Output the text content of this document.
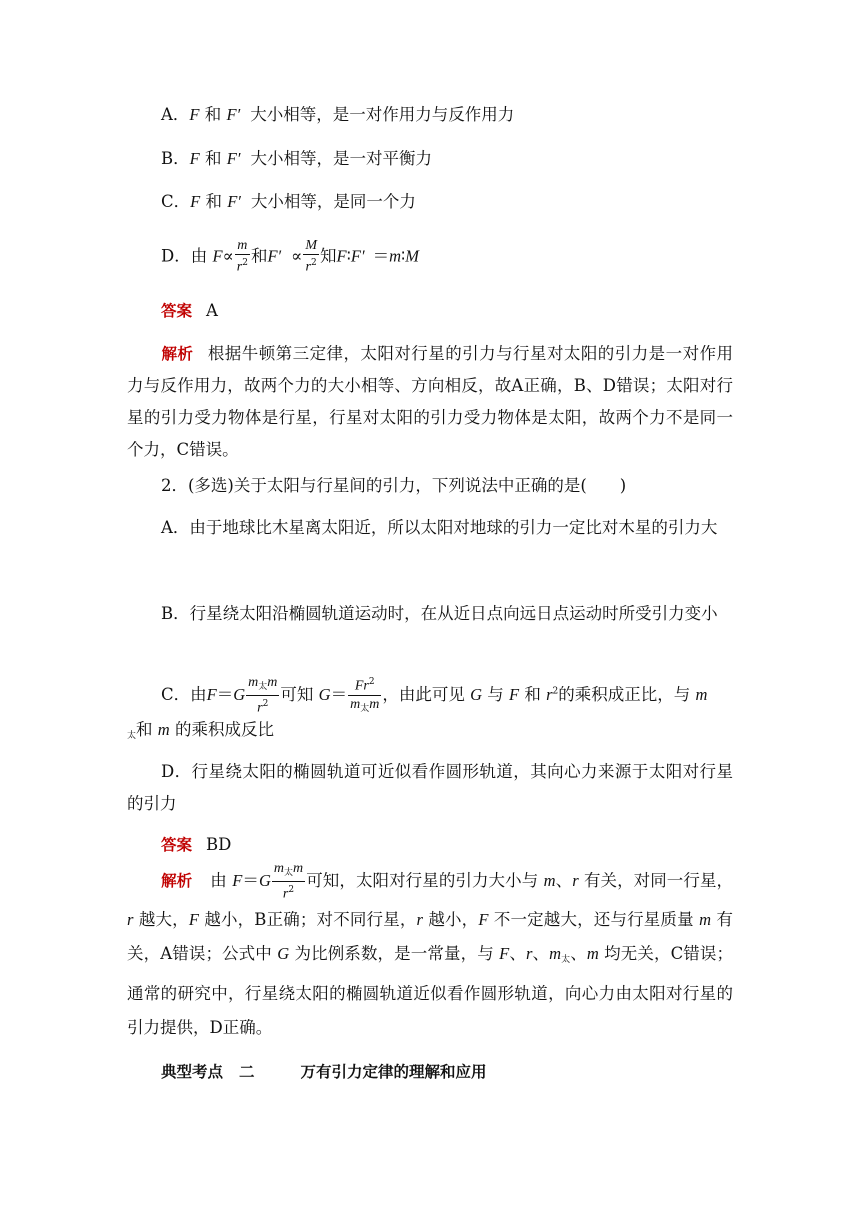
A．F 和 F′ 大小相等，是一对作用力与反作用力
B．F 和 F′ 大小相等，是一对平衡力
C．F 和 F′ 大小相等，是同一个力
D．由 $F\propto \frac{m}{r^2}$ 和$F' \propto \frac{M}{r^2}$ 知F∶F′ ＝m∶M
答案 A
解析 根据牛顿第三定律，太阳对行星的引力与行星对太阳的引力是一对作用力与反作用力，故两个力的大小相等、方向相反，故A正确，B、D错误；太阳对行星的引力受力物体是行星，行星对太阳的引力受力物体是太阳，故两个力不是同一个力，C错误。
2．(多选)关于太阳与行星间的引力，下列说法中正确的是(　　)
A．由于地球比木星离太阳近，所以太阳对地球的引力一定比对木星的引力大
B．行星绕太阳沿椭圆轨道运动时，在从近日点向远日点运动时所受引力变小
C．由$F=G \frac{m_太m}{r^2}$ 可知 $G= \frac{Fr^2}{m_太m}$ ，由此可见 G 与 F 和 $r^2$的乘积成正比，与 m
$_太$和 m 的乘积成反比
D．行星绕太阳的椭圆轨道可近似看作圆形轨道，其向心力来源于太阳对行星的引力
答案 BD
解析 由 $F=G \frac{m_太m}{r^2}$ 可知，太阳对行星的引力大小与 m、r 有关，对同一行星，r 越大，F 越小，B正确；对不同行星，r 越小，F 不一定越大，还与行星质量 m 有关，A错误；公式中 G 为比例系数，是一常量，与 F、r、$m_太$、m 均无关，C错误；通常的研究中，行星绕太阳的椭圆轨道近似看作圆形轨道，向心力由太阳对行星的引力提供，D正确。
典型考点 二	万有引力定律的理解和应用
